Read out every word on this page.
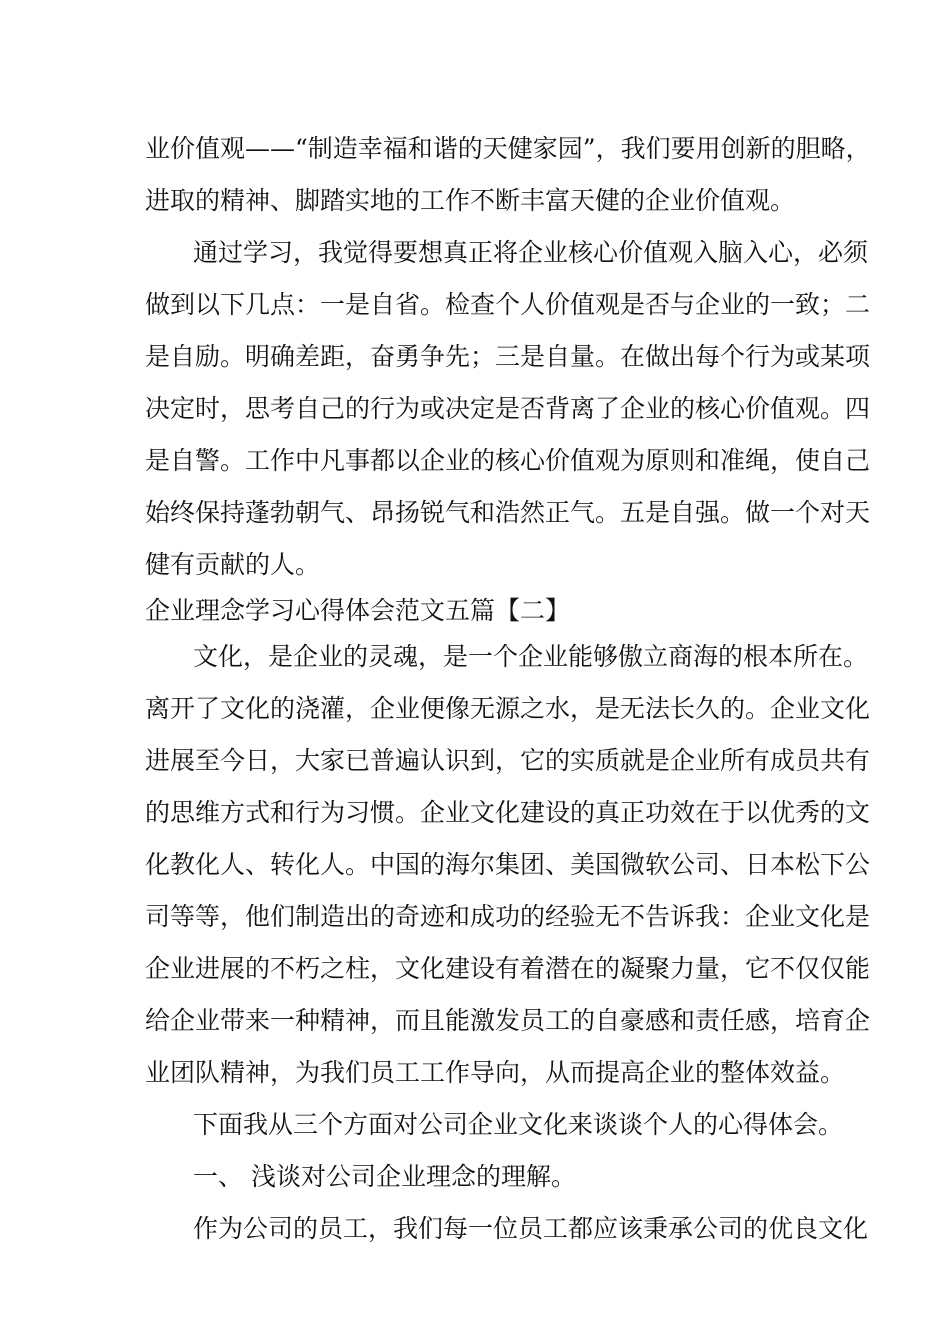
业价值观——“制造幸福和谐的天健家园”，我们要用创新的胆略，

进取的精神、脚踏实地的工作不断丰富天健的企业价值观。

通过学习，我觉得要想真正将企业核心价值观入脑入心，必须

做到以下几点：一是自省。检查个人价值观是否与企业的一致；二

是自励。明确差距，奋勇争先；三是自量。在做出每个行为或某项

决定时，思考自己的行为或决定是否背离了企业的核心价值观。四

是自警。工作中凡事都以企业的核心价值观为原则和准绳，使自己

始终保持蓬勃朝气、昂扬锐气和浩然正气。五是自强。做一个对天

健有贡献的人。

企业理念学习心得体会范文五篇【二】

文化，是企业的灵魂，是一个企业能够傲立商海的根本所在。

离开了文化的浇灌，企业便像无源之水，是无法长久的。企业文化

进展至今日，大家已普遍认识到，它的实质就是企业所有成员共有

的思维方式和行为习惯。企业文化建设的真正功效在于以优秀的文

化教化人、转化人。中国的海尔集团、美国微软公司、日本松下公

司等等，他们制造出的奇迹和成功的经验无不告诉我：企业文化是

企业进展的不朽之柱，文化建设有着潜在的凝聚力量，它不仅仅能

给企业带来一种精神，而且能激发员工的自豪感和责任感，培育企

业团队精神，为我们员工工作导向，从而提高企业的整体效益。

下面我从三个方面对公司企业文化来谈谈个人的心得体会。

一、 浅谈对公司企业理念的理解。

作为公司的员工，我们每一位员工都应该秉承公司的优良文化
